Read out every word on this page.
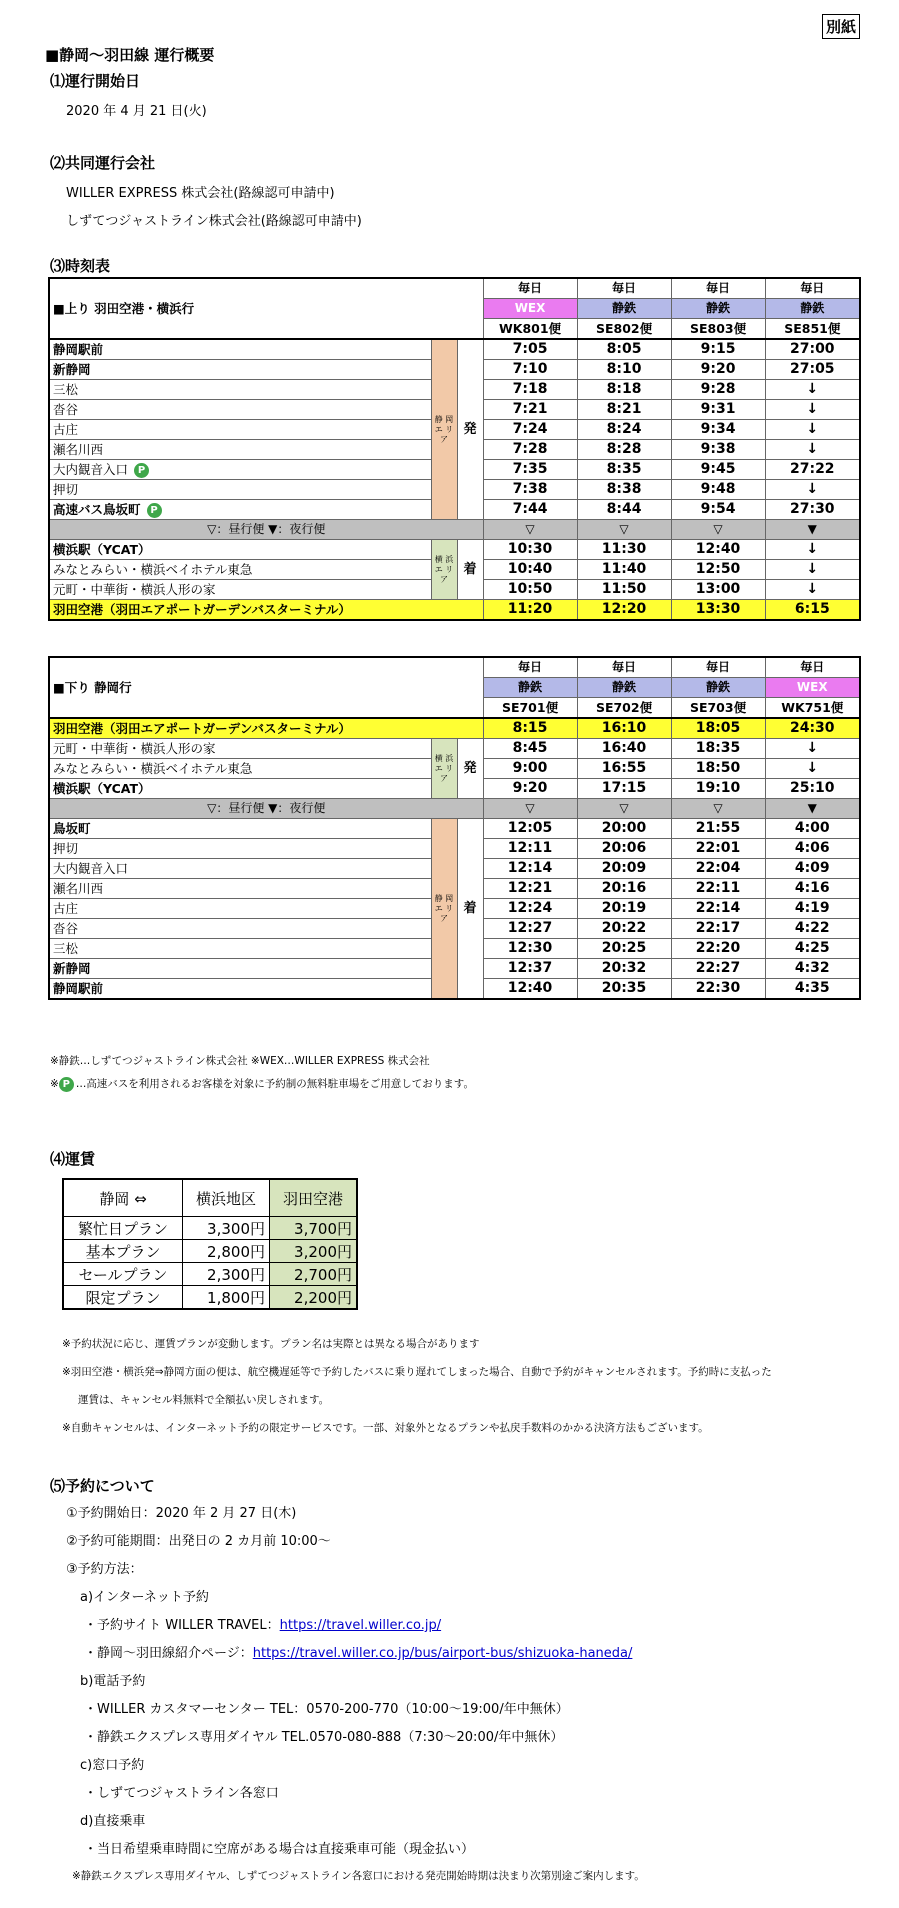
別紙
■静岡～羽田線 運行概要
⑴運行開始日
2020 年 4 月 21 日(火)
⑵共同運行会社
WILLER EXPRESS 株式会社(路線認可申請中)
しずてつジャストライン株式会社(路線認可申請中)
⑶時刻表
■上り 羽田空港・横浜行			毎日	毎日	毎日	毎日
			WEX	静鉄	静鉄	静鉄
			WK801便	SE802便	SE803便	SE851便
静岡駅前	静 岡 エ リ ア	発	7:05	8:05	9:15	27:00
新静岡			7:10	8:10	9:20	27:05
三松			7:18	8:18	9:28	↓
沓谷			7:21	8:21	9:31	↓
古庄			7:24	8:24	9:34	↓
瀬名川西			7:28	8:28	9:38	↓
大内観音入口 P			7:35	8:35	9:45	27:22
押切			7:38	8:38	9:48	↓
高速バス鳥坂町 P			7:44	8:44	9:54	27:30
▽：昼行便 ▼：夜行便			▽	▽	▽	▼
横浜駅（YCAT）	横 浜 エ リ ア	着	10:30	11:30	12:40	↓
みなとみらい・横浜ベイホテル東急			10:40	11:40	12:50	↓
元町・中華街・横浜人形の家			10:50	11:50	13:00	↓
羽田空港（羽田エアポートガーデンバスターミナル）			11:20	12:20	13:30	6:15
■下り 静岡行			毎日	毎日	毎日	毎日
			静鉄	静鉄	静鉄	WEX
			SE701便	SE702便	SE703便	WK751便
羽田空港（羽田エアポートガーデンバスターミナル）			8:15	16:10	18:05	24:30
元町・中華街・横浜人形の家	横 浜 エ リ ア	発	8:45	16:40	18:35	↓
みなとみらい・横浜ベイホテル東急			9:00	16:55	18:50	↓
横浜駅（YCAT）			9:20	17:15	19:10	25:10
▽：昼行便 ▼：夜行便			▽	▽	▽	▼
鳥坂町	静 岡 エ リ ア	着	12:05	20:00	21:55	4:00
押切			12:11	20:06	22:01	4:06
大内観音入口			12:14	20:09	22:04	4:09
瀬名川西			12:21	20:16	22:11	4:16
古庄			12:24	20:19	22:14	4:19
沓谷			12:27	20:22	22:17	4:22
三松			12:30	20:25	22:20	4:25
新静岡			12:37	20:32	22:27	4:32
静岡駅前			12:40	20:35	22:30	4:35
※静鉄…しずてつジャストライン株式会社 ※WEX…WILLER EXPRESS 株式会社
※ P …高速バスを利用されるお客様を対象に予約制の無料駐車場をご用意しております。
⑷運賃
静岡 ⇔	横浜地区	羽田空港
繁忙日プラン	3,300円	3,700円
基本プラン	2,800円	3,200円
セールプラン	2,300円	2,700円
限定プラン	1,800円	2,200円
※予約状況に応じ、運賃プランが変動します。プラン名は実際とは異なる場合があります
※羽田空港・横浜発⇒静岡方面の便は、航空機遅延等で予約したバスに乗り遅れてしまった場合、自動で予約がキャンセルされます。予約時に支払った
運賃は、キャンセル料無料で全額払い戻しされます。
※自動キャンセルは、インターネット予約の限定サービスです。一部、対象外となるプランや払戻手数料のかかる決済方法もございます。
⑸予約について
①予約開始日：2020 年 2 月 27 日(木)
②予約可能期間：出発日の 2 カ月前 10:00～
③予約方法：
a)インターネット予約
・予約サイト WILLER TRAVEL：https://travel.willer.co.jp/
・静岡～羽田線紹介ページ：https://travel.willer.co.jp/bus/airport-bus/shizuoka-haneda/
b)電話予約
・WILLER カスタマーセンター TEL：0570-200-770（10:00～19:00/年中無休）
・静鉄エクスプレス専用ダイヤル TEL.0570-080-888（7:30～20:00/年中無休）
c)窓口予約
・しずてつジャストライン各窓口
d)直接乗車
・当日希望乗車時間に空席がある場合は直接乗車可能（現金払い）
※静鉄エクスプレス専用ダイヤル、しずてつジャストライン各窓口における発売開始時期は決まり次第別途ご案内します。
